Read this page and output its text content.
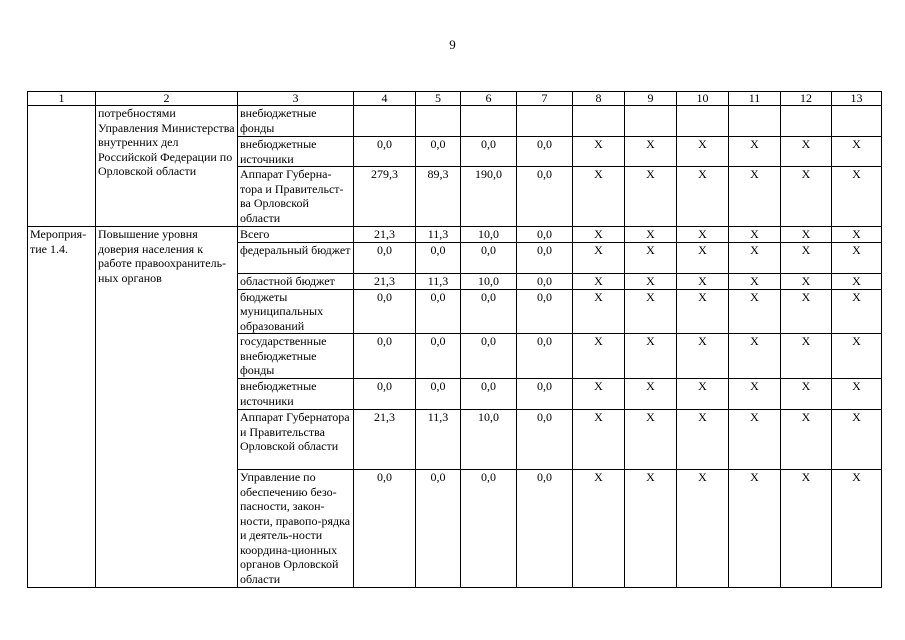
9
1	2	3	4	5	6	7	8	9	10	11	12	13
	потребностями Управления Министерства внутренних дел Российской Федерации по Орловской области	внебюджетные фонды										
		внебюджетные источники	0,0	0,0	0,0	0,0	X	X	X	X	X	X
		Аппарат Губерна-тора и Правительст-ва Орловской области	279,3	89,3	190,0	0,0	X	X	X	X	X	X
Мероприя-тие 1.4.	Повышение уровня доверия населения к работе правоохранитель-ных органов	Всего	21,3	11,3	10,0	0,0	X	X	X	X	X	X
		федеральный бюджет	0,0	0,0	0,0	0,0	X	X	X	X	X	X
		областной бюджет	21,3	11,3	10,0	0,0	X	X	X	X	X	X
		бюджеты муниципальных образований	0,0	0,0	0,0	0,0	X	X	X	X	X	X
		государственные внебюджетные фонды	0,0	0,0	0,0	0,0	X	X	X	X	X	X
		внебюджетные источники	0,0	0,0	0,0	0,0	X	X	X	X	X	X
		Аппарат Губернатора и Правительства Орловской области	21,3	11,3	10,0	0,0	X	X	X	X	X	X
		Управление по обеспечению безо-пасности, закон-ности, правопо-рядка и деятель-ности координа-ционных органов Орловской области	0,0	0,0	0,0	0,0	X	X	X	X	X	X
